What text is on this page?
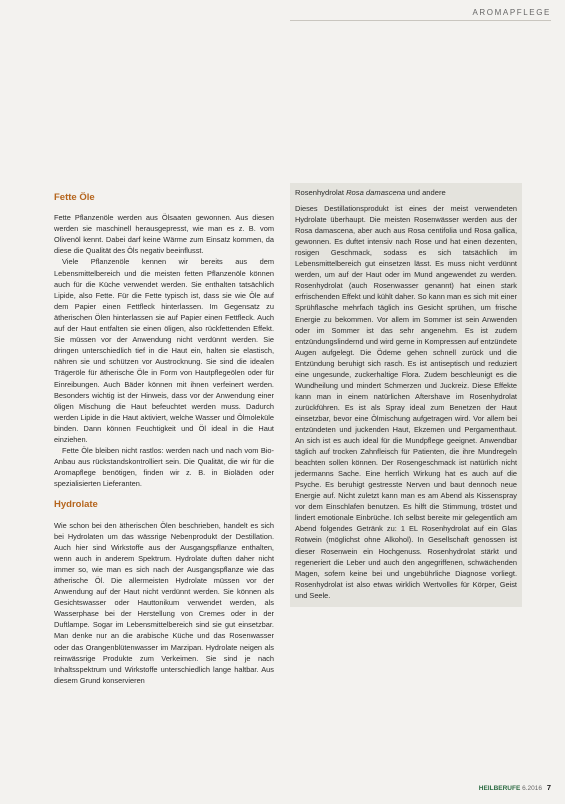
AROMAPFLEGE
Fette Öle

Fette Pflanzenöle werden aus Ölsaaten gewonnen. Aus diesen werden sie maschinell herausgepresst, wie man es z. B. vom Olivenöl kennt. Dabei darf keine Wärme zum Einsatz kommen, da diese die Qualität des Öls negativ beeinflusst.

Viele Pflanzenöle kennen wir bereits aus dem Lebensmittelbereich und die meisten fetten Pflanzenöle können auch für die Küche verwendet werden. Sie enthalten tatsächlich Lipide, also Fette. Für die Fette typisch ist, dass sie wie Öle auf dem Papier einen Fettfleck hinterlassen. Im Gegensatz zu ätherischen Ölen hinterlassen sie auf Papier einen Fettfleck. Auch auf der Haut entfalten sie einen öligen, also rückfettenden Effekt. Sie müssen vor der Anwendung nicht verdünnt werden. Sie dringen unterschiedlich tief in die Haut ein, halten sie elastisch, nähren sie und schützen vor Austrocknung. Sie sind die idealen Trägeröle für ätherische Öle in Form von Hautpflegeölen oder für Einreibungen. Auch Bäder können mit ihnen verfeinert werden. Besonders wichtig ist der Hinweis, dass vor der Anwendung einer öligen Mischung die Haut befeuchtet werden muss. Dadurch werden Lipide in die Haut aktiviert, welche Wasser und Ölmoleküle binden. Dann können Feuchtigkeit und Öl ideal in die Haut einziehen.

Fette Öle bleiben nicht rastlos: werden nach und nach vom Bio-Anbau aus rückstandskontrolliert sein. Die Qualität, die wir für die Aromapflege benötigen, finden wir z. B. in Bioläden oder spezialisierten Lieferanten.

Hydrolate

Wie schon bei den ätherischen Ölen beschrieben, handelt es sich bei Hydrolaten um das wässrige Nebenprodukt der Destillation. Auch hier sind Wirkstoffe aus der Ausgangspflanze enthalten, wenn auch in anderem Spektrum. Hydrolate duften daher nicht immer so, wie man es sich nach der Ausgangspflanze wie das ätherische Öl. Die allermeisten Hydrolate müssen vor der Anwendung auf der Haut nicht verdünnt werden. Sie können als Gesichtswasser oder Hauttonikum verwendet werden, als Wasserphase bei der Herstellung von Cremes oder in der Duftlampe. Sogar im Lebensmittelbereich sind sie gut einsetzbar. Man denke nur an die arabische Küche und das Rosenwasser oder das Orangenblütenwasser im Marzipan. Hydrolate neigen als reinwässrige Produkte zum Verkeimen. Sie sind je nach Inhaltsspektrum und Wirkstoffe unterschiedlich lange haltbar. Aus diesem Grund konservieren

Rosenhydrolat Rosa damascena und andere

Dieses Destillationsprodukt ist eines der meist verwendeten Hydrolate überhaupt. Die meisten Rosenwässer werden aus der Rosa damascena, aber auch aus Rosa centifolia und Rosa gallica, gewonnen. Es duftet intensiv nach Rose und hat einen dezenten, rosigen Geschmack, sodass es sich tatsächlich im Lebensmittelbereich gut einsetzen lässt. Es muss nicht verdünnt werden, um auf der Haut oder im Mund angewendet zu werden. Rosenhydrolat (auch Rosenwasser genannt) hat einen stark erfrischenden Effekt und kühlt daher. So kann man es sich mit einer Sprühflasche mehrfach täglich ins Gesicht sprühen, um frische Energie zu bekommen. Vor allem im Sommer ist sein Anwenden oder im Sommer ist das sehr angenehm. Es ist zudem entzündungslindernd und wird gerne in Kompressen auf entzündete Augen aufgelegt. Die Ödeme gehen schnell zurück und die Entzündung beruhigt sich rasch. Es ist antiseptisch und reduziert eine ungesunde, zuckerhaltige Flora. Zudem beschleunigt es die Wundheilung und mindert Schmerzen und Juckreiz. Diese Effekte kann man in einem natürlichen Aftershave im Rosenhydrolat zurückführen. Es ist als Spray ideal zum Benetzen der Haut einsetzbar, bevor eine Ölmischung aufgetragen wird. Vor allem bei entzündeten und juckenden Haut, Ekzemen und Pergamenthaut. An sich ist es auch ideal für die Mundpflege geeignet. Anwendbar täglich auf trocken Zahnfleisch für Patienten, die ihre Mundregeln beachten sollen können. Der Rosengeschmack ist natürlich nicht jedermanns Sache. Eine herrlich Wirkung hat es auch auf die Psyche. Es beruhigt gestresste Nerven und baut dennoch neue Energie auf. Nicht zuletzt kann man es am Abend als Kissenspray vor dem Einschlafen benutzen. Es hilft die Stimmung, tröstet und lindert emotionale Einbrüche. Ich selbst bereite mir gelegentlich am Abend folgendes Getränk zu: 1 EL Rosenhydrolat auf ein Glas Rotwein (möglichst ohne Alkohol). In Gesellschaft genossen ist dieser Rosenwein ein Hochgenuss. Rosenhydrolat stärkt und regeneriert die Leber und auch den angegriffenen, schwächenden Magen, sofern keine bei und ungebührliche Diagnose vorliegt. Rosenhydrolat ist also etwas wirklich Wertvolles für Körper, Geist und Seele.

HEILBERUFE 6.2016 7
